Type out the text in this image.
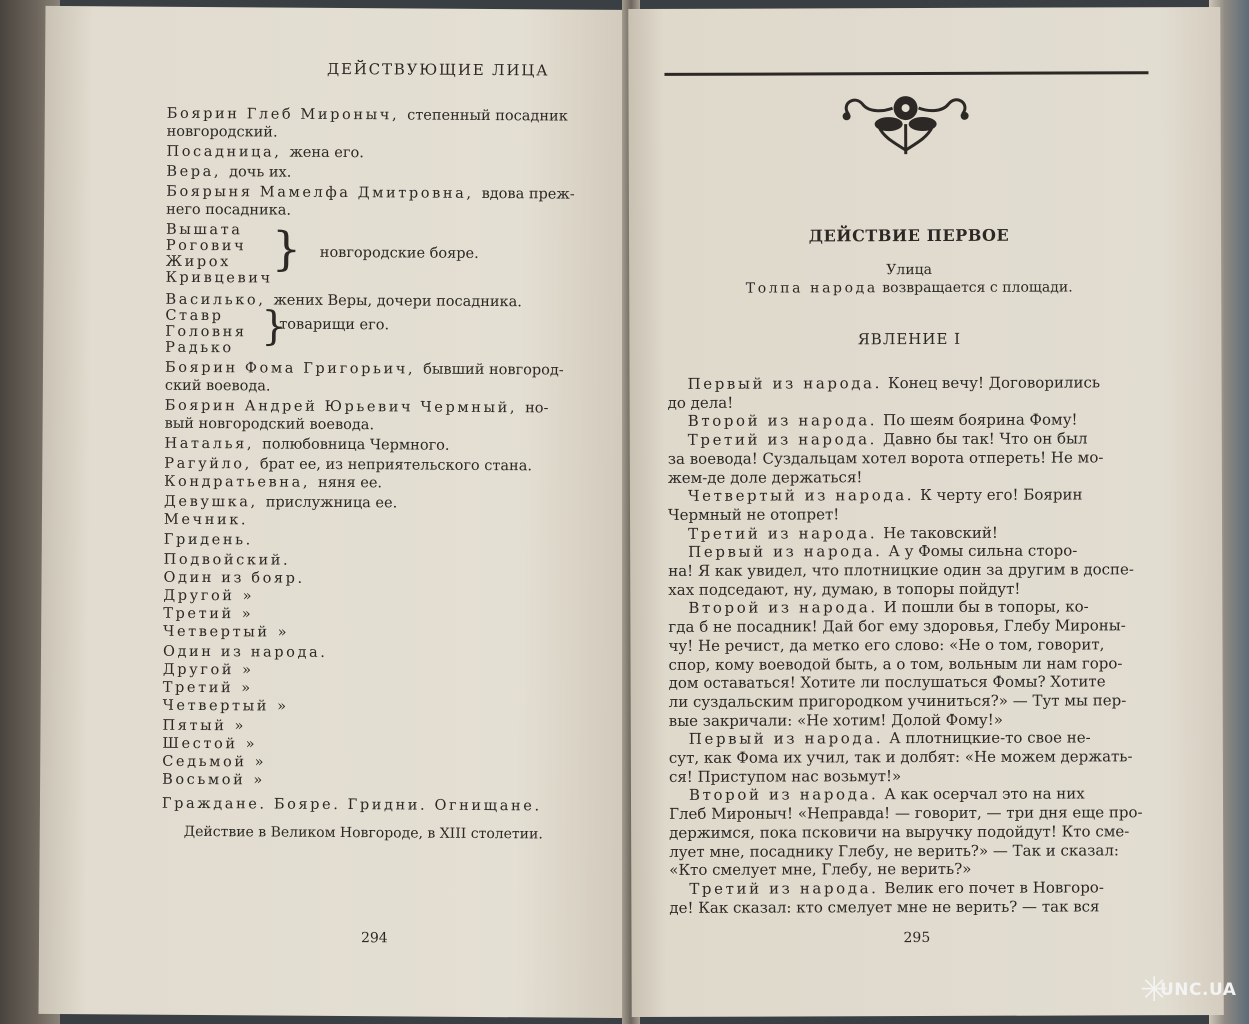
ДЕЙСТВУЮЩИЕ ЛИЦА
Боярин Глеб Мироныч, степенный посадник
новгородский.
Посадница, жена его.
Вера, дочь их.
Боярыня Мамелфа Дмитровна, вдова преж-
него посадника.
Вышата
Рогович
Жирох
Кривцевич
Василько, жених Веры, дочери посадника.
Ставр
Головня
Радько
Боярин Фома Григорьич, бывший новгород-
ский воевода.
Боярин Андрей Юрьевич Чермный, но-
вый новгородский воевода.
Наталья, полюбовница Чермного.
Рагуйло, брат ее, из неприятельского стана.
Кондратьевна, няня ее.
Девушка, прислужница ее.
Мечник.
Гридень.
Подвойский.
Один из бояр.
Другой »
Третий »
Четвертый »
Один из народа.
Другой »
Третий »
Четвертый »
Пятый »
Шестой »
Седьмой »
Восьмой »
Граждане. Бояре. Гридни. Огнищане.
} новгородские бояре.
}
товарищи его.
Действие в Великом Новгороде, в XIII столетии.
294
ДЕЙСТВИЕ ПЕРВОЕ
Улица
Толпа народа возвращается с площади.
ЯВЛЕНИЕ I
Первый из народа. Конец вечу! Договорились
до дела!
Второй из народа. По шеям боярина Фому!
Третий из народа. Давно бы так! Что он был
за воевода! Суздальцам хотел ворота отпереть! Не мо-
жем-де доле держаться!
Четвертый из народа. К черту его! Боярин
Чермный не отопрет!
Третий из народа. Не таковский!
Первый из народа. А у Фомы сильна сторо-
на! Я как увидел, что плотницкие один за другим в доспе-
хах подседают, ну, думаю, в топоры пойдут!
Второй из народа. И пошли бы в топоры, ко-
гда б не посадник! Дай бог ему здоровья, Глебу Мироны-
чу! Не речист, да метко его слово: «Не о том, говорит,
спор, кому воеводой быть, а о том, вольным ли нам горо-
дом оставаться! Хотите ли послушаться Фомы? Хотите
ли суздальским пригородком учиниться?» — Тут мы пер-
вые закричали: «Не хотим! Долой Фому!»
Первый из народа. А плотницкие-то свое не-
сут, как Фома их учил, так и долбят: «Не можем держать-
ся! Приступом нас возьмут!»
Второй из народа. А как осерчал это на них
Глеб Мироныч! «Неправда! — говорит, — три дня еще про-
держимся, пока псковичи на выручку подойдут! Кто сме-
лует мне, посаднику Глебу, не верить?» — Так и сказал:
«Кто смелует мне, Глебу, не верить?»
Третий из народа. Велик его почет в Новгоро-
де! Как сказал: кто смелует мне не верить? — так вся
295
✳
UNC.UA
